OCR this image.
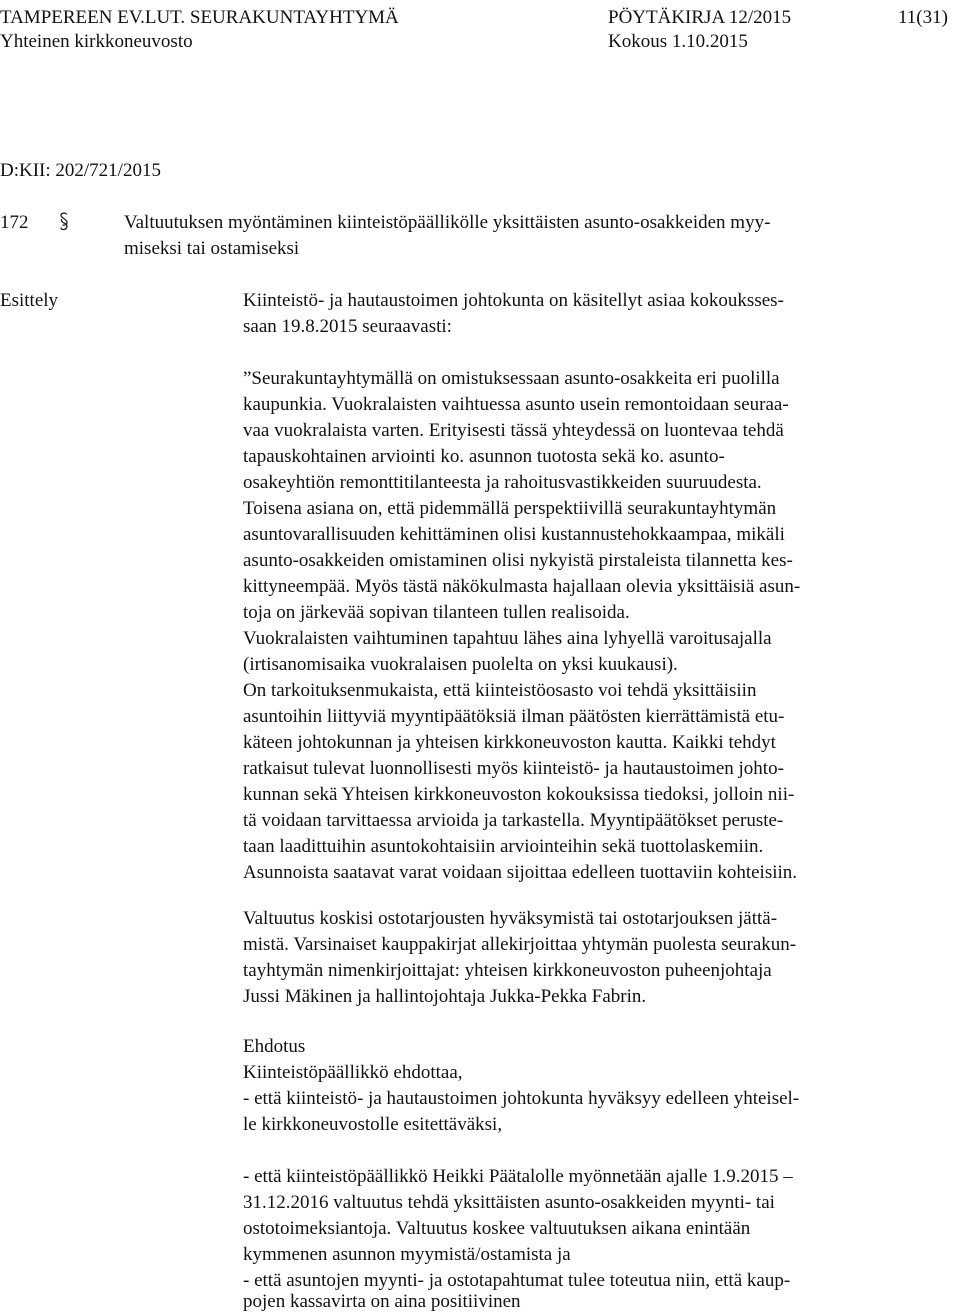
TAMPEREEN EV.LUT. SEURAKUNTAYHTYMÄ	PÖYTÄKIRJA 12/2015	11(31)
Yhteinen kirkkoneuvosto	Kokous 1.10.2015
D:KII: 202/721/2015
172	Valtuutuksen myöntäminen kiinteistöpäällikölle yksittäisten asunto-osakkeiden myy-
miseksi tai ostamiseksi
Esittely	Kiinteistö- ja hautaustoimen johtokunta on käsitellyt asiaa kokouksses-
saan 19.8.2015 seuraavasti:
”Seurakuntayhtymällä on omistuksessaan asunto-osakkeita eri puolilla
kaupunkia. Vuokralaisten vaihtuessa asunto usein remontoidaan seuraa-
vaa vuokralaista varten. Erityisesti tässä yhteydessä on luontevaa tehdä
tapauskohtainen arviointi ko. asunnon tuotosta sekä ko. asunto-
osakeyhtiön remonttitilanteesta ja rahoitusvastikkeiden suuruudesta.
Toisena asiana on, että pidemmällä perspektiivillä seurakuntayhtymän
asuntovarallisuuden kehittäminen olisi kustannustehokkaampaa, mikäli
asunto-osakkeiden omistaminen olisi nykyistä pirstaleista tilannetta kes-
kittyneempää. Myös tästä näkökulmasta hajallaan olevia yksittäisiä asun-
toja on järkevää sopivan tilanteen tullen realisoida.
Vuokralaisten vaihtuminen tapahtuu lähes aina lyhyellä varoitusajalla
(irtisanomisaika vuokralaisen puolelta on yksi kuukausi).
On tarkoituksenmukaista, että kiinteistöosasto voi tehdä yksittäisiin
asuntoihin liittyviä myyntipäätöksiä ilman päätösten kierrättämistä etu-
käteen johtokunnan ja yhteisen kirkkoneuvoston kautta. Kaikki tehdyt
ratkaisut tulevat luonnollisesti myös kiinteistö- ja hautaustoimen johto-
kunnan sekä Yhteisen kirkkoneuvoston kokouksissa tiedoksi, jolloin nii-
tä voidaan tarvittaessa arvioida ja tarkastella. Myyntipäätökset peruste-
taan laadittuihin asuntokohtaisiin arviointeihin sekä tuottolaskemiin.
Asunnoista saatavat varat voidaan sijoittaa edelleen tuottaviin kohteisiin.
Valtuutus koskisi ostotarjousten hyväksymistä tai ostotarjouksen jättä-
mistä. Varsinaiset kauppakirjat allekirjoittaa yhtymän puolesta seurakun-
tayhtymän nimenkirjoittajat: yhteisen kirkkoneuvoston puheenjohtaja
Jussi Mäkinen ja hallintojohtaja Jukka-Pekka Fabrin.
Ehdotus
Kiinteistöpäällikkö ehdottaa,
- että kiinteistö- ja hautaustoimen johtokunta hyväksyy edelleen yhteisel-
le kirkkoneuvostolle esitettäväksi,
- että kiinteistöpäällikkö Heikki Päätalolle myönnetään ajalle 1.9.2015 –
31.12.2016 valtuutus tehdä yksittäisten asunto-osakkeiden myynti- tai
ostotoimeksiantoja. Valtuutus koskee valtuutuksen aikana enintään
kymmenen asunnon myymistä/ostamista ja
- että asuntojen myynti- ja ostotapahtumat tulee toteutua niin, että kaup-
pojen kassavirta on aina positiivinen
